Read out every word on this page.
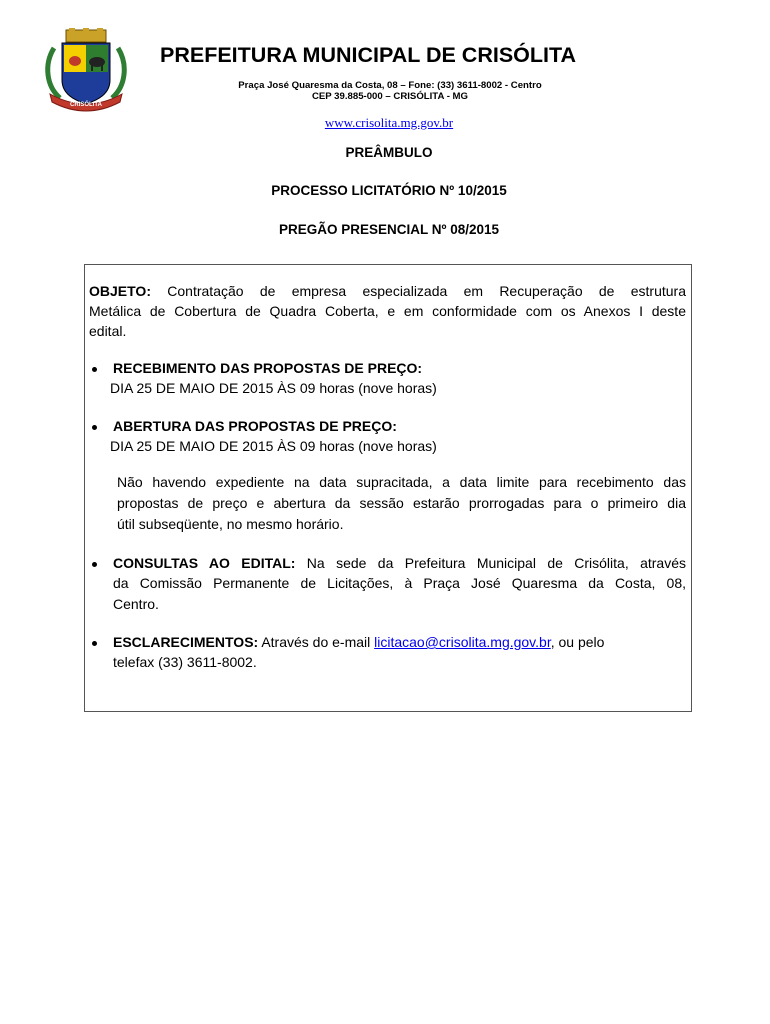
CRISÓLITA
PREFEITURA MUNICIPAL DE CRISÓLITA
Praça José Quaresma da Costa, 08 – Fone: (33) 3611-8002 - Centro
CEP 39.885-000 – CRISÓLITA - MG
www.crisolita.mg.gov.br
PREÂMBULO
PROCESSO LICITATÓRIO Nº 10/2015
PREGÃO PRESENCIAL Nº 08/2015
OBJETO: Contratação de empresa especializada em Recuperação de estrutura
Metálica de Cobertura de Quadra Coberta, e em conformidade com os Anexos I deste
edital.
RECEBIMENTO DAS PROPOSTAS DE PREÇO:
DIA 25 DE MAIO DE 2015 ÀS 09 horas (nove horas)
ABERTURA DAS PROPOSTAS DE PREÇO:
DIA 25 DE MAIO DE 2015 ÀS 09 horas (nove horas)
Não havendo expediente na data supracitada, a data limite para recebimento das
propostas de preço e abertura da sessão estarão prorrogadas para o primeiro dia
útil subseqüente, no mesmo horário.
CONSULTAS AO EDITAL: Na sede da Prefeitura Municipal de Crisólita, através
da Comissão Permanente de Licitações, à Praça José Quaresma da Costa, 08,
Centro.
ESCLARECIMENTOS: Através do e-mail licitacao@crisolita.mg.gov.br, ou pelo
telefax (33) 3611-8002.
